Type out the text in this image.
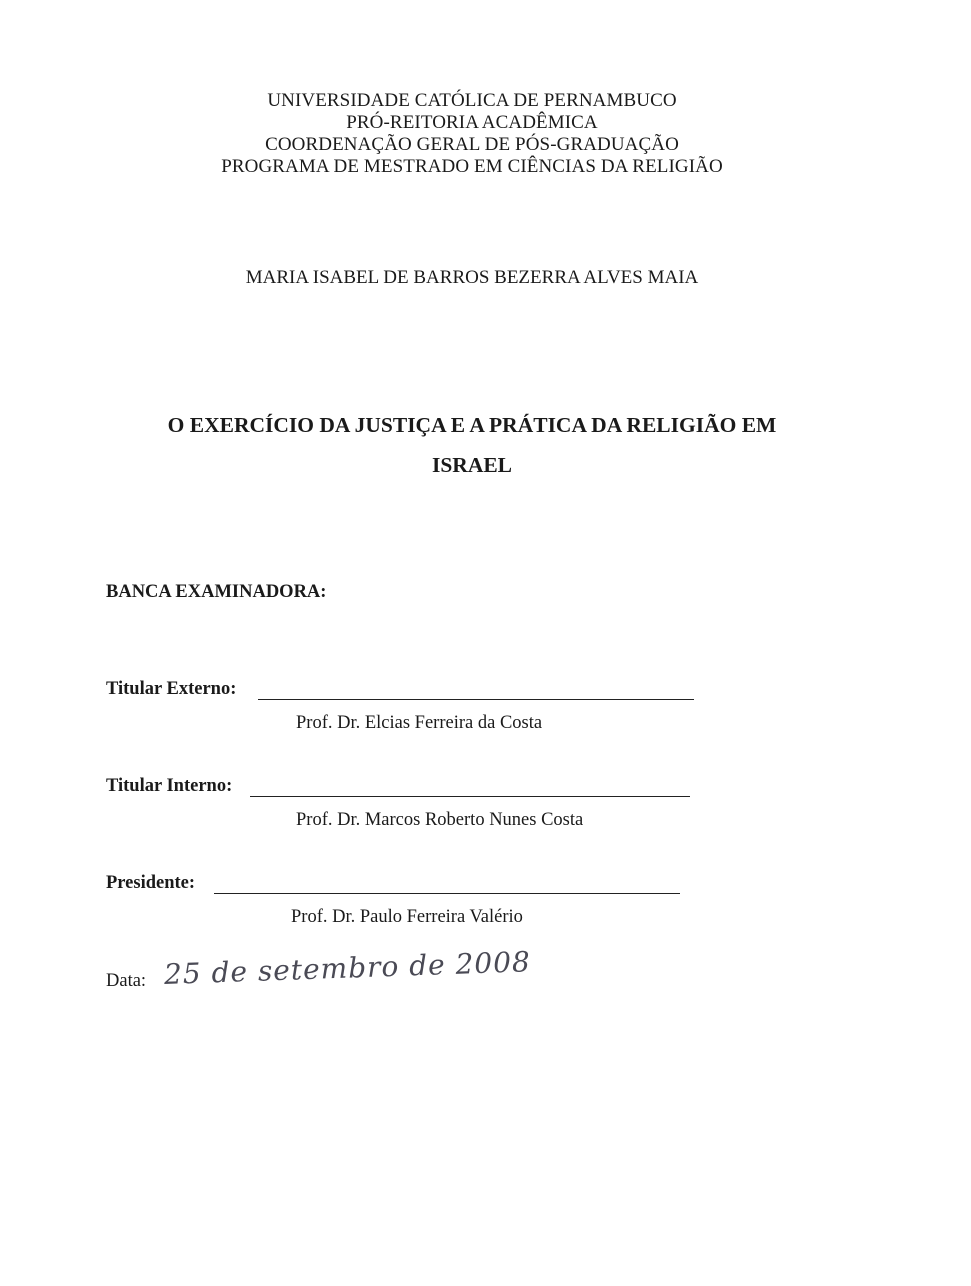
UNIVERSIDADE CATÓLICA DE PERNAMBUCO
PRÓ-REITORIA ACADÊMICA
COORDENAÇÃO GERAL DE PÓS-GRADUAÇÃO
PROGRAMA DE MESTRADO EM CIÊNCIAS DA RELIGIÃO
MARIA ISABEL DE BARROS BEZERRA ALVES MAIA
O EXERCÍCIO DA JUSTIÇA E A PRÁTICA DA RELIGIÃO EM
ISRAEL
BANCA EXAMINADORA:
Titular Externo:
Prof. Dr. Elcias Ferreira da Costa
Titular Interno:
Prof. Dr. Marcos Roberto Nunes Costa
Presidente:
Prof. Dr. Paulo Ferreira Valério
Data: 25 de setembro de 2008
